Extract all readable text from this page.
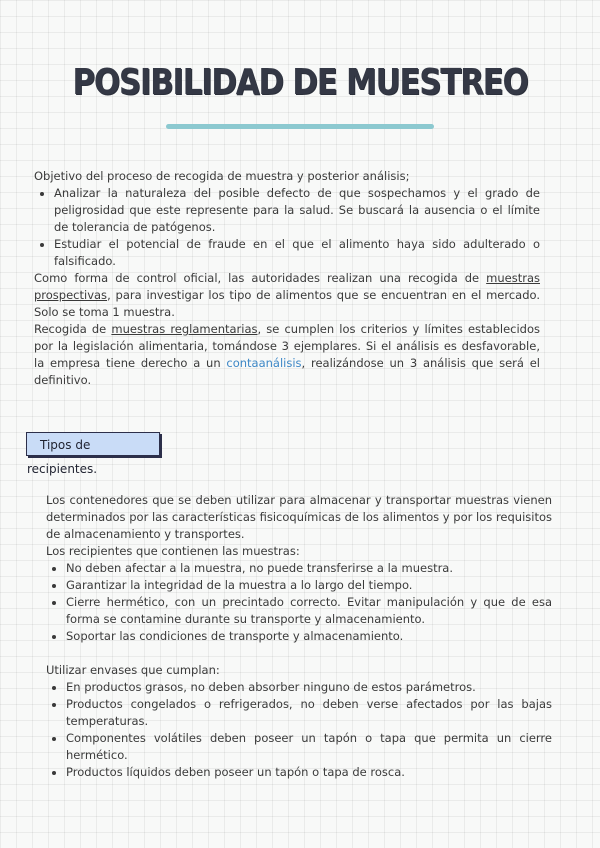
POSIBILIDAD DE MUESTREO

Objetivo del proceso de recogida de muestra y posterior análisis;

• Analizar la naturaleza del posible defecto de que sospechamos y el grado de peligrosidad que este represente para la salud. Se buscará la ausencia o el límite de tolerancia de patógenos.
• Estudiar el potencial de fraude en el que el alimento haya sido adulterado o falsificado.

Como forma de control oficial, las autoridades realizan una recogida de muestras prospectivas, para investigar los tipo de alimentos que se encuentran en el mercado. Solo se toma 1 muestra.

Recogida de muestras reglamentarias, se cumplen los criterios y límites establecidos por la legislación alimentaria, tomándose 3 ejemplares. Si el análisis es desfavorable, la empresa tiene derecho a un contaanálisis, realizándose un 3 análisis que será el definitivo.

Tipos de recipientes.

Los contenedores que se deben utilizar para almacenar y transportar muestras vienen determinados por las características fisicoquímicas de los alimentos y por los requisitos de almacenamiento y transportes.

Los recipientes que contienen las muestras:

• No deben afectar a la muestra, no puede transferirse a la muestra.
• Garantizar la integridad de la muestra a lo largo del tiempo.
• Cierre hermético, con un precintado correcto. Evitar manipulación y que de esa forma se contamine durante su transporte y almacenamiento.
• Soportar las condiciones de transporte y almacenamiento.

Utilizar envases que cumplan:

• En productos grasos, no deben absorber ninguno de estos parámetros.
• Productos congelados o refrigerados, no deben verse afectados por las bajas temperaturas.
• Componentes volátiles deben poseer un tapón o tapa que permita un cierre hermético.
• Productos líquidos deben poseer un tapón o tapa de rosca.
